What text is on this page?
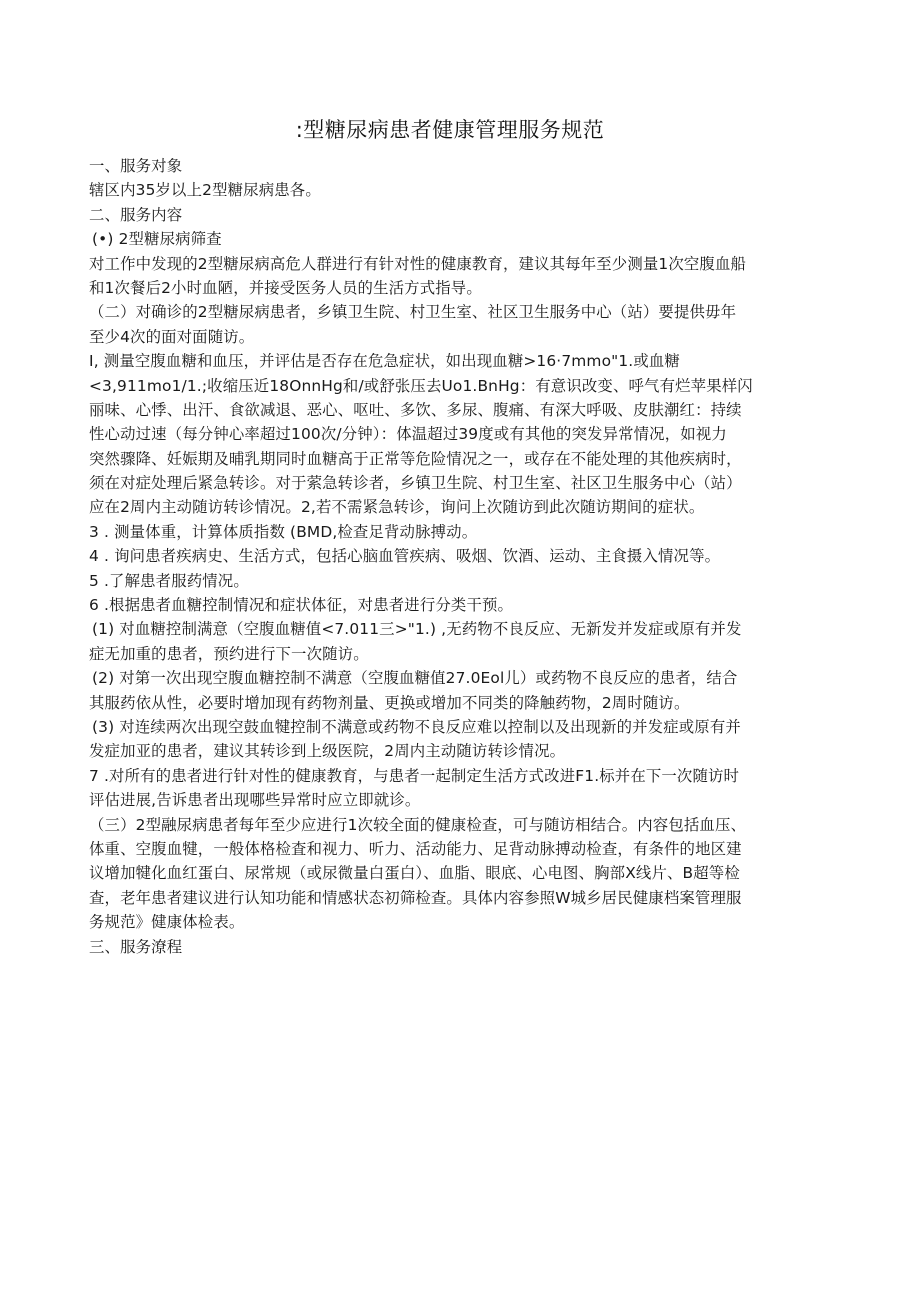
:型糖尿病患者健康管理服务规范
一、服务对象
辖区内35岁以上2型糖尿病患各。
二、服务内容
(•) 2型糖尿病筛查
对工作中发现的2型糖尿病高危人群进行有针对性的健康教育，建议其每年至少测量1次空腹血船
和1次餐后2小时血陋，并接受医务人员的生活方式指导。
（二）对确诊的2型糖尿病患者，乡镇卫生院、村卫生室、社区卫生服务中心（站）要提供毋年
至少4次的面对面随访。
I, 测量空腹血糖和血压，并评估是否存在危急症状，如出现血糖>16·7mmo"1.或血糖
<3,911mo1/1.;收缩压近18OnnHg和/或舒张压去Uo1.BnHg：有意识改变、呼气有烂苹果样闪
丽味、心悸、出汗、食欲减退、恶心、呕吐、多饮、多尿、腹痛、有深大呼吸、皮肤潮红：持续
性心动过速（每分钟心率超过100次/分钟）：体温超过39度或有其他的突发异常情况，如视力
突然骤降、妊娠期及晡乳期同时血糖高于正常等危险情况之一，或存在不能处理的其他疾病时，
须在对症处理后紧急转诊。对于萦急转诊者，乡镇卫生院、村卫生室、社区卫生服务中心（站）
应在2周内主动随访转诊情况。2,若不需紧急转诊，询问上次随访到此次随访期间的症状。
3 . 测量体重，计算体质指数 (BMD,检查足背动脉搏动。
4 . 询问患者疾病史、生活方式，包括心脑血管疾病、吸烟、饮酒、运动、主食摄入情况等。
5 .了解患者服药情况。
6 .根据患者血糖控制情况和症状体征，对患者进行分类干预。
(1) 对血糖控制满意（空腹血糖值<7.011三>"1.) ,无药物不良反应、无新发并发症或原有并发
症无加重的患者，预约进行下一次随访。
(2) 对第一次出现空腹血糖控制不满意（空腹血糖值27.0Eol儿）或药物不良反应的患者，结合
其服药依从性，必要时增加现有药物剂量、更换或增加不同类的降触药物，2周时随访。
(3) 对连续两次出现空鼓血犍控制不满意或药物不良反应难以控制以及出现新的并发症或原有并
发症加亚的患者，建议其转诊到上级医院，2周内主动随访转诊情况。
7 .对所有的患者进行针对性的健康教育，与患者一起制定生活方式改进F1.标并在下一次随访时
评估进展,告诉患者出现哪些异常时应立即就诊。
（三）2型融尿病患者每年至少应进行1次较全面的健康检查，可与随访相结合。内容包括血压、
体重、空腹血犍，一般体格检査和视力、听力、活动能力、足背动脉搏动检查，有条件的地区建
议增加犍化血红蛋白、尿常规（或尿微量白蛋白）、血脂、眼底、心电图、胸部X线片、B超等检
查，老年患者建议进行认知功能和情感状态初筛检查。具体内容参照W城乡居民健康档案管理服
务规范》健康体检表。
三、服务潦程
